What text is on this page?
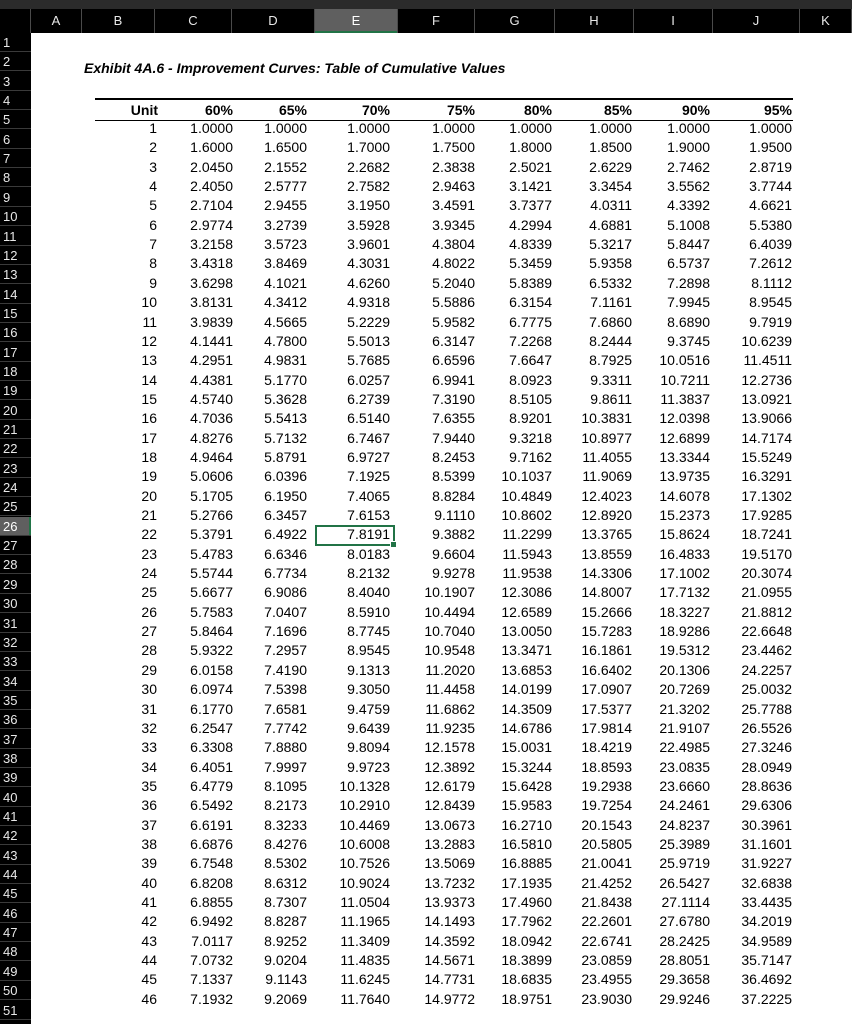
A	B	C	D	E	F	G	H	I	J	K
1
2
3
4
5
6
7
8
9
10
11
12
13
14
15
16
17
18
19
20
21
22
23
24
25
26
27
28
29
30
31
32
33
34
35
36
37
38
39
40
41
42
43
44
45
46
47
48
49
50
51
Exhibit 4A.6 - Improvement Curves: Table of Cumulative Values
Unit	60%	65%	70%	75%	80%	85%	90%	95%
1 1.0000 1.0000	1.0000	1.0000 1.0000	1.0000	1.0000	1.0000
2 1.6000 1.6500	1.7000	1.7500 1.8000	1.8500	1.9000	1.9500
3 2.0450 2.1552	2.2682	2.3838 2.5021	2.6229	2.7462	2.8719
4 2.4050 2.5777	2.7582	2.9463 3.1421	3.3454	3.5562	3.7744
5 2.7104 2.9455	3.1950	3.4591 3.7377	4.0311	4.3392	4.6621
6 2.9774 3.2739	3.5928	3.9345 4.2994	4.6881	5.1008	5.5380
7 3.2158 3.5723	3.9601	4.3804 4.8339	5.3217	5.8447	6.4039
8 3.4318 3.8469	4.3031	4.8022 5.3459	5.9358	6.5737	7.2612
9 3.6298 4.1021	4.6260	5.2040 5.8389	6.5332	7.2898	8.1112
10 3.8131 4.3412	4.9318	5.5886 6.3154	7.1161	7.9945	8.9545
11 3.9839 4.5665	5.2229	5.9582 6.7775	7.6860	8.6890	9.7919
12 4.1441 4.7800	5.5013	6.3147 7.2268	8.2444	9.3745 10.6239
13 4.2951 4.9831	5.7685	6.6596 7.6647	8.7925 10.0516 11.4511
14 4.4381 5.1770	6.0257	6.9941 8.0923	9.3311 10.7211 12.2736
15 4.5740 5.3628	6.2739	7.3190 8.5105	9.8611 11.3837 13.0921
16 4.7036 5.5413	6.5140	7.6355 8.9201 10.3831 12.0398 13.9066
17 4.8276 5.7132	6.7467	7.9440 9.3218 10.8977 12.6899 14.7174
18 4.9464 5.8791	6.9727	8.2453 9.7162 11.4055 13.3344 15.5249
19 5.0606 6.0396	7.1925	8.5399 10.1037 11.9069 13.9735 16.3291
20 5.1705 6.1950	7.4065	8.8284 10.4849 12.4023 14.6078 17.1302
21 5.2766 6.3457	7.6153	9.1110 10.8602 12.8920 15.2373 17.9285
22 5.3791 6.4922	7.8191	9.3882 11.2299 13.3765 15.8624 18.7241
23 5.4783 6.6346	8.0183	9.6604 11.5943 13.8559 16.4833 19.5170
24 5.5744 6.7734	8.2132	9.9278 11.9538 14.3306 17.1002 20.3074
25 5.6677 6.9086	8.4040 10.1907 12.3086 14.8007 17.7132 21.0955
26 5.7583 7.0407	8.5910 10.4494 12.6589 15.2666 18.3227 21.8812
27 5.8464 7.1696	8.7745 10.7040 13.0050 15.7283 18.9286 22.6648
28 5.9322 7.2957	8.9545 10.9548 13.3471 16.1861 19.5312 23.4462
29 6.0158 7.4190	9.1313	11.2020 13.6853 16.6402 20.1306 24.2257
30 6.0974 7.5398	9.3050	11.4458 14.0199 17.0907 20.7269 25.0032
31 6.1770 7.6581	9.4759	11.6862 14.3509 17.5377 21.3202 25.7788
32 6.2547 7.7742	9.6439	11.9235 14.6786 17.9814 21.9107 26.5526
33 6.3308 7.8880	9.8094 12.1578 15.0031 18.4219 22.4985 27.3246
34 6.4051 7.9997	9.9723 12.3892 15.3244 18.8593 23.0835 28.0949
35 6.4779 8.1095 10.1328 12.6179 15.6428 19.2938 23.6660 28.8636
36 6.5492 8.2173 10.2910 12.8439 15.9583 19.7254 24.2461 29.6306
37 6.6191 8.3233 10.4469 13.0673 16.2710 20.1543 24.8237 30.3961
38 6.6876 8.4276 10.6008 13.2883 16.5810 20.5805 25.3989 31.1601
39 6.7548 8.5302 10.7526 13.5069 16.8885 21.0041 25.9719 31.9227
40 6.8208 8.6312 10.9024 13.7232 17.1935 21.4252 26.5427 32.6838
41 6.8855 8.7307 11.0504 13.9373 17.4960 21.8438 27.1114 33.4435
42 6.9492 8.8287 11.1965 14.1493 17.7962 22.2601 27.6780 34.2019
43 7.0117 8.9252 11.3409 14.3592 18.0942 22.6741 28.2425 34.9589
44 7.0732 9.0204 11.4835 14.5671 18.3899 23.0859 28.8051 35.7147
45 7.1337 9.1143 11.6245 14.7731 18.6835 23.4955 29.3658 36.4692
46 7.1932 9.2069 11.7640 14.9772 18.9751 23.9030 29.9246 37.2225
